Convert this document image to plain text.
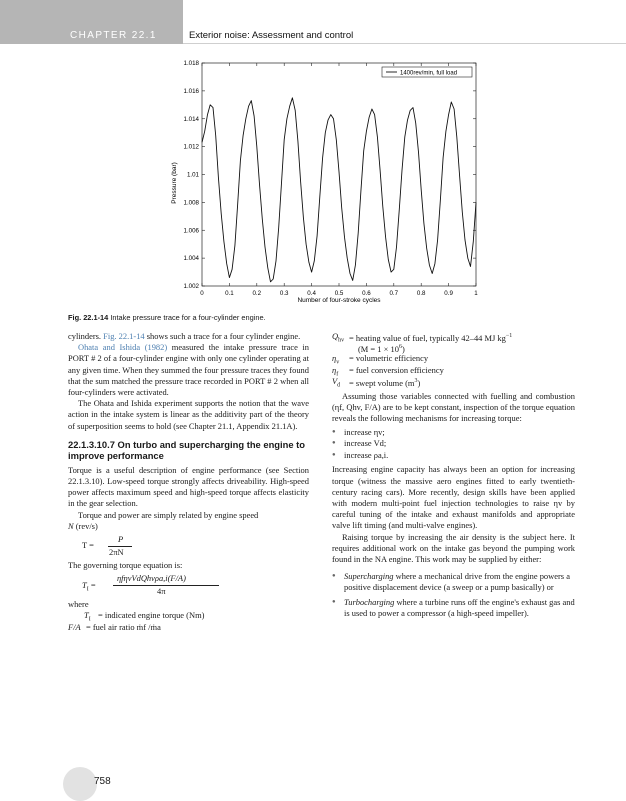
CHAPTER 22.1	Exterior noise: Assessment and control
0	0.1	0.2	0.3	0.4	0.5	0.6	0.7	0.8	0.9	1
1.002
1.004
1.006
1.008
1.01
1.012
1.014
1.016
1.018
1400rev/min, full load
Number of four-stroke cycles
Pressure (bar)
Fig. 22.1-14 Intake pressure trace for a four-cylinder engine.

cylinders. Fig. 22.1-14 shows such a trace for a four cylinder engine.

Ohata and Ishida (1982) measured the intake pressure trace in PORT # 2 of a four-cylinder engine with only one cylinder operating at any given time. When they summed the four pressure traces they found that the sum matched the pressure trace recorded in PORT # 2 when all four-cylinders were activated.

The Ohata and Ishida experiment supports the notion that the wave action in the intake system is linear as the additivity part of the theory of superposition seems to hold (see Chapter 21.1, Appendix 21.1A).

22.1.3.10.7 On turbo and supercharging the engine to improve performance

Torque is a useful description of engine performance (see Section 22.1.3.10). Low-speed torque strongly affects driveability. High-speed power affects maximum speed and high-speed torque affects elasticity in the gear selection.

Torque and power are simply related by engine speed

N (rev/s)

T =
P
2πN

The governing torque equation is:

$T_I$ =
ηfηvVdQhvρa,i(F/A)
4π

where

$T_I$ = indicated engine torque (Nm)
F/A = fuel air ratio ṁf /ṁa
$Q_{hv}$ = heating value of fuel, typically 42–44 MJ $kg^{-1}$
$(M = 1 \times 10^6)$
$\eta_v$ = volumetric efficiency
$\eta_f$ = fuel conversion efficiency
$V_d$ = swept volume $(m^3)$

Assuming those variables connected with fuelling and combustion (ηf, Qhv, F/A) are to be kept constant, inspection of the torque equation reveals the following mechanisms for increasing torque:

● increase ηv;
● increase Vd;
● increase ρa,i.

Increasing engine capacity has always been an option for increasing torque (witness the massive aero engines fitted to early twentieth-century racing cars). More recently, design skills have been applied with modern multi-point fuel injection technologies to raise ηv by careful tuning of the intake and exhaust manifolds and appropriate valve lift timing (and multi-valve engines).

Raising torque by increasing the air density is the subject here. It requires additional work on the intake gas beyond the pumping work found in the NA engine. This work may be supplied by either:

● Supercharging where a mechanical drive from the engine powers a positive displacement device (a sweep or a pump basically) or
● Turbocharging where a turbine runs off the engine's exhaust gas and is used to power a compressor (a high-speed impeller).
758
